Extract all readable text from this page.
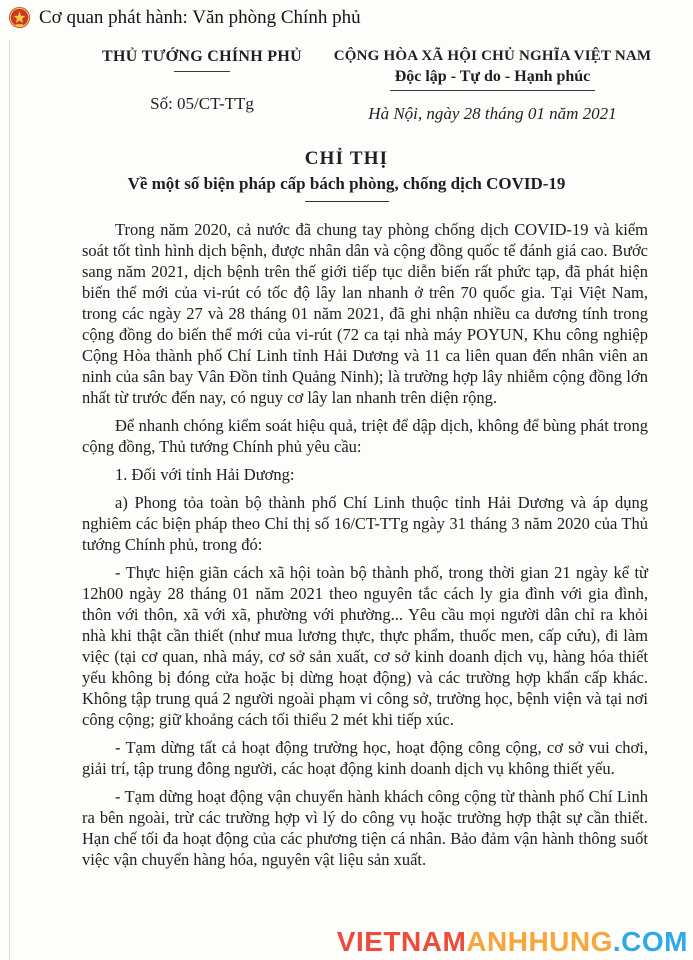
Cơ quan phát hành: Văn phòng Chính phủ
THỦ TƯỚNG CHÍNH PHỦ
Số: 05/CT-TTg
CỘNG HÒA XÃ HỘI CHỦ NGHĨA VIỆT NAM
Độc lập - Tự do - Hạnh phúc
Hà Nội, ngày 28 tháng 01 năm 2021
CHỈ THỊ
Về một số biện pháp cấp bách phòng, chống dịch COVID-19

Trong năm 2020, cả nước đã chung tay phòng chống dịch COVID-19 và kiểm soát tốt tình hình dịch bệnh, được nhân dân và cộng đồng quốc tế đánh giá cao. Bước sang năm 2021, dịch bệnh trên thế giới tiếp tục diễn biến rất phức tạp, đã phát hiện biến thể mới của vi-rút có tốc độ lây lan nhanh ở trên 70 quốc gia. Tại Việt Nam, trong các ngày 27 và 28 tháng 01 năm 2021, đã ghi nhận nhiều ca dương tính trong cộng đồng do biến thể mới của vi-rút (72 ca tại nhà máy POYUN, Khu công nghiệp Cộng Hòa thành phố Chí Linh tỉnh Hải Dương và 11 ca liên quan đến nhân viên an ninh của sân bay Vân Đồn tỉnh Quảng Ninh); là trường hợp lây nhiễm cộng đồng lớn nhất từ trước đến nay, có nguy cơ lây lan nhanh trên diện rộng.

Để nhanh chóng kiểm soát hiệu quả, triệt để dập dịch, không để bùng phát trong cộng đồng, Thủ tướng Chính phủ yêu cầu:

1. Đối với tỉnh Hải Dương:

a) Phong tỏa toàn bộ thành phố Chí Linh thuộc tỉnh Hải Dương và áp dụng nghiêm các biện pháp theo Chỉ thị số 16/CT-TTg ngày 31 tháng 3 năm 2020 của Thủ tướng Chính phủ, trong đó:

- Thực hiện giãn cách xã hội toàn bộ thành phố, trong thời gian 21 ngày kể từ 12h00 ngày 28 tháng 01 năm 2021 theo nguyên tắc cách ly gia đình với gia đình, thôn với thôn, xã với xã, phường với phường... Yêu cầu mọi người dân chỉ ra khỏi nhà khi thật cần thiết (như mua lương thực, thực phẩm, thuốc men, cấp cứu), đi làm việc (tại cơ quan, nhà máy, cơ sở sản xuất, cơ sở kinh doanh dịch vụ, hàng hóa thiết yếu không bị đóng cửa hoặc bị dừng hoạt động) và các trường hợp khẩn cấp khác. Không tập trung quá 2 người ngoài phạm vi công sở, trường học, bệnh viện và tại nơi công cộng; giữ khoảng cách tối thiểu 2 mét khi tiếp xúc.

- Tạm dừng tất cả hoạt động trường học, hoạt động công cộng, cơ sở vui chơi, giải trí, tập trung đông người, các hoạt động kinh doanh dịch vụ không thiết yếu.

- Tạm dừng hoạt động vận chuyển hành khách công cộng từ thành phố Chí Linh ra bên ngoài, trừ các trường hợp vì lý do công vụ hoặc trường hợp thật sự cần thiết. Hạn chế tối đa hoạt động của các phương tiện cá nhân. Bảo đảm vận hành thông suốt việc vận chuyển hàng hóa, nguyên vật liệu sản xuất.

VIETNAMANHHUNG.COM
